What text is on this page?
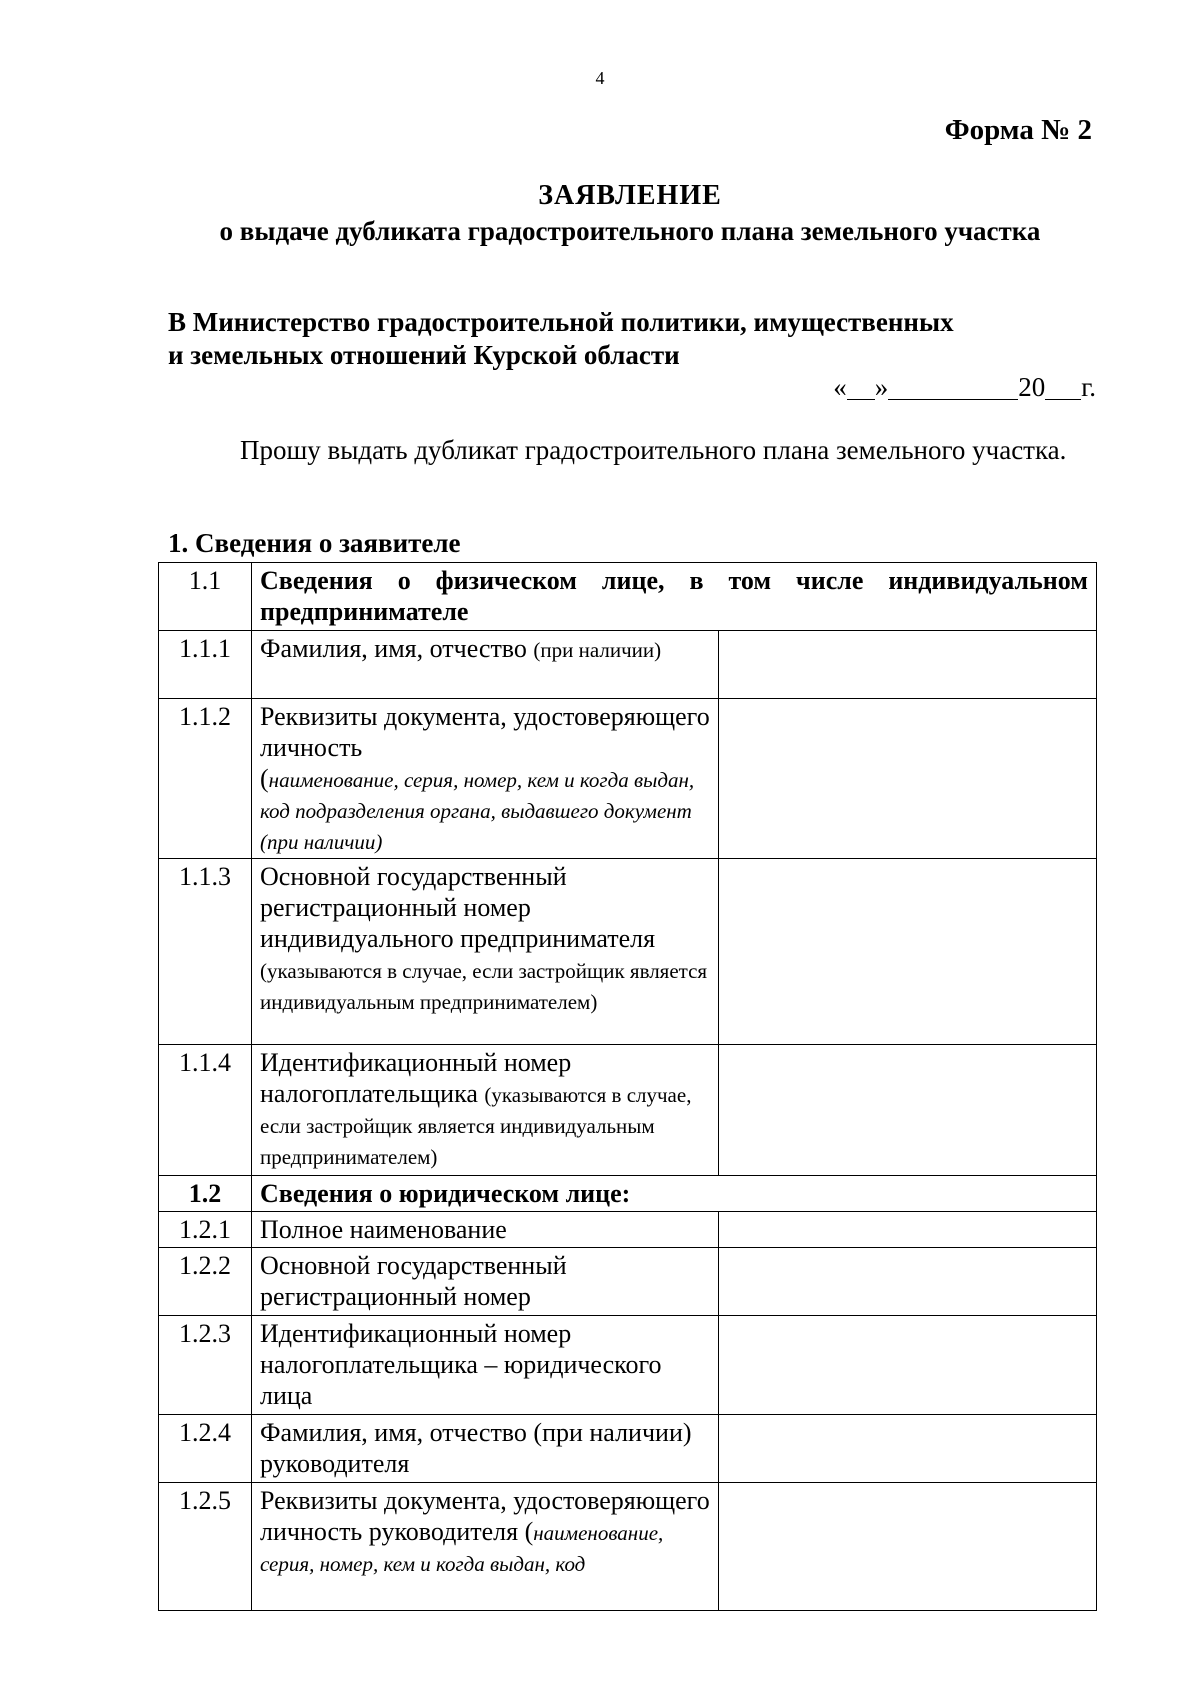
4
Форма № 2
ЗАЯВЛЕНИЕ
о выдаче дубликата градостроительного плана земельного участка
В Министерство градостроительной политики, имущественных
и земельных отношений Курской области
« »	20 г.
Прошу выдать дубликат градостроительного плана земельного участка.
1. Сведения о заявителе
1.1	Сведения о физическом лице, в том числе индивидуальном предпринимателе	
1.1.1	Фамилия, имя, отчество (при наличии)	
1.1.2	Реквизиты документа, удостоверяющего личность
(наименование, серия, номер, кем и когда выдан, код подразделения органа, выдавшего документ (при наличии)	
1.1.3	Основной государственный регистрационный номер индивидуального предпринимателя
(указываются в случае, если застройщик является индивидуальным предпринимателем)	
1.1.4	Идентификационный номер налогоплательщика (указываются в случае, если застройщик является индивидуальным предпринимателем)	
1.2	Сведения о юридическом лице:	
1.2.1	Полное наименование	
1.2.2	Основной государственный регистрационный номер	
1.2.3	Идентификационный номер налогоплательщика – юридического лица	
1.2.4	Фамилия, имя, отчество (при наличии) руководителя	
1.2.5	Реквизиты документа, удостоверяющего личность руководителя (наименование, серия, номер, кем и когда выдан, код	
